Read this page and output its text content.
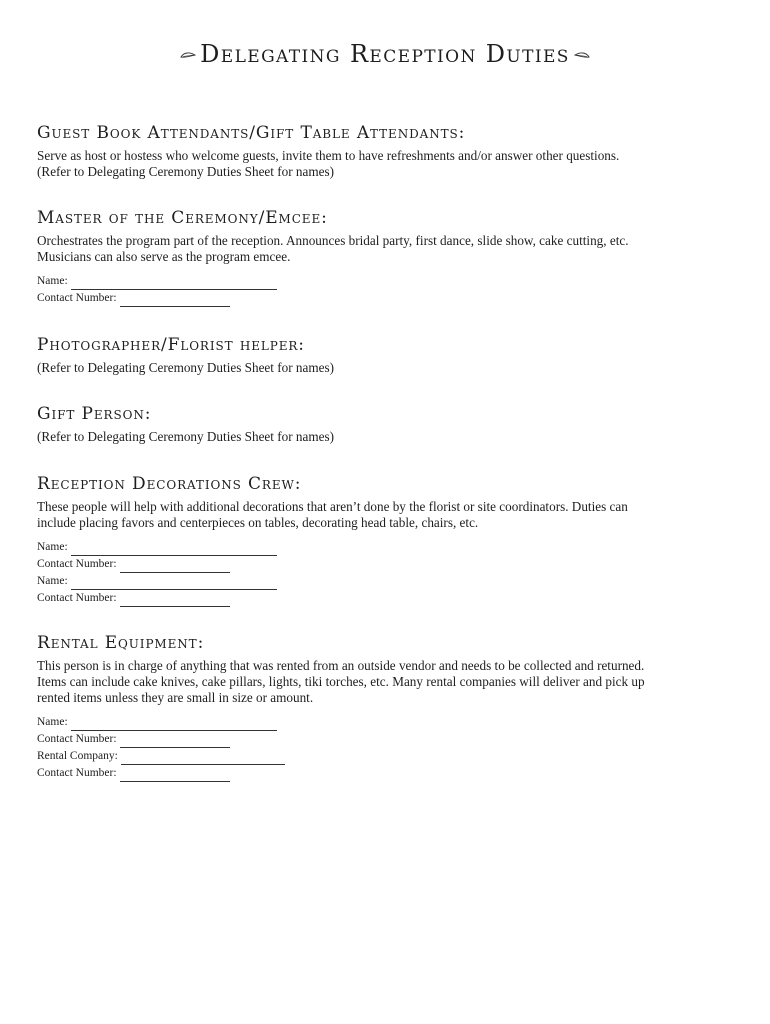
Delegating Reception Duties
Guest Book Attendants/Gift Table Attendants:

Serve as host or hostess who welcome guests, invite them to have refreshments and/or answer other questions.

(Refer to Delegating Ceremony Duties Sheet for names)

Master of the Ceremony/Emcee:

Orchestrates the program part of the reception. Announces bridal party, first dance, slide show, cake cutting, etc.

Musicians can also serve as the program emcee.

Name:
Contact Number:
Photographer/Florist helper:

(Refer to Delegating Ceremony Duties Sheet for names)

Gift Person:

(Refer to Delegating Ceremony Duties Sheet for names)

Reception Decorations Crew:

These people will help with additional decorations that aren’t done by the florist or site coordinators. Duties can

include placing favors and centerpieces on tables, decorating head table, chairs, etc.

Name:
Contact Number:
Name:
Contact Number:
Rental Equipment:

This person is in charge of anything that was rented from an outside vendor and needs to be collected and returned.

Items can include cake knives, cake pillars, lights, tiki torches, etc. Many rental companies will deliver and pick up

rented items unless they are small in size or amount.

Name:
Contact Number:
Rental Company:
Contact Number:
